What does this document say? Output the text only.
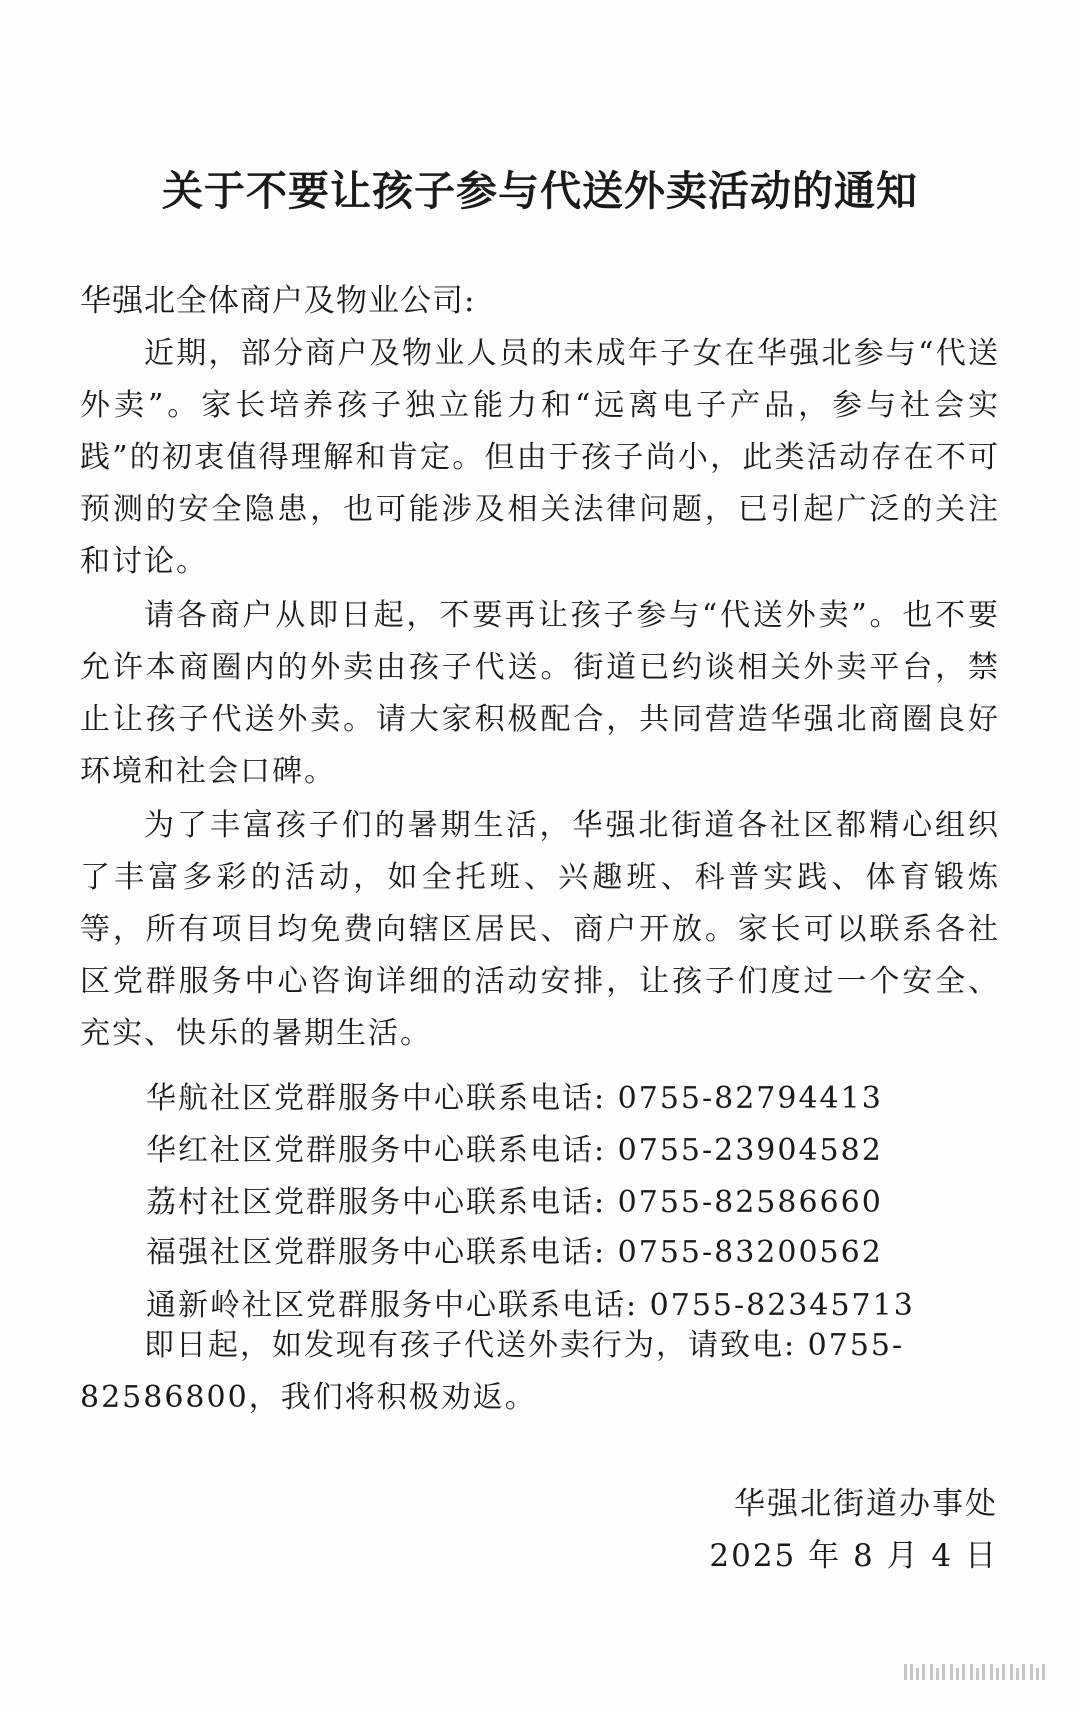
关于不要让孩子参与代送外卖活动的通知
华强北全体商户及物业公司:
近期，部分商户及物业人员的未成年子女在华强北参与“代送外卖”。家长培养孩子独立能力和“远离电子产品，参与社会实践”的初衷值得理解和肯定。但由于孩子尚小，此类活动存在不可预测的安全隐患，也可能涉及相关法律问题，已引起广泛的关注和讨论。
请各商户从即日起，不要再让孩子参与“代送外卖”。也不要允许本商圈内的外卖由孩子代送。街道已约谈相关外卖平台，禁止让孩子代送外卖。请大家积极配合，共同营造华强北商圈良好环境和社会口碑。
为了丰富孩子们的暑期生活，华强北街道各社区都精心组织了丰富多彩的活动，如全托班、兴趣班、科普实践、体育锻炼等，所有项目均免费向辖区居民、商户开放。家长可以联系各社区党群服务中心咨询详细的活动安排，让孩子们度过一个安全、充实、快乐的暑期生活。
华航社区党群服务中心联系电话: 0755-82794413
华红社区党群服务中心联系电话: 0755-23904582
荔村社区党群服务中心联系电话: 0755-82586660
福强社区党群服务中心联系电话: 0755-83200562
通新岭社区党群服务中心联系电话: 0755-82345713
即日起，如发现有孩子代送外卖行为，请致电: 0755-82586800，我们将积极劝返。
华强北街道办事处
2025 年 8 月 4 日
